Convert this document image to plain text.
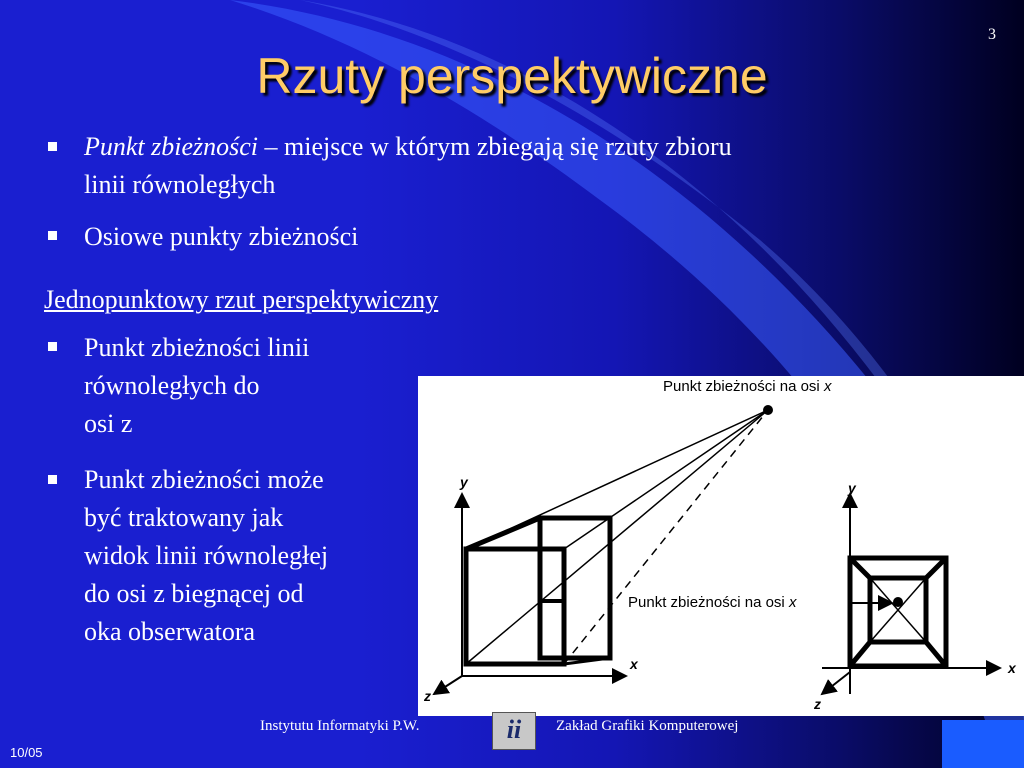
3
Rzuty perspektywiczne
Punkt zbieżności – miejsce w którym zbiegają się rzuty zbioru
linii równoległych
Osiowe punkty zbieżności
Jednopunktowy rzut perspektywiczny
Punkt zbieżności linii
równoległych do
osi z
Punkt zbieżności może
być traktowany jak
widok linii równoległej
do osi z biegnącej od
oka obserwatora
Punkt zbieżności na osi x
Punkt zbieżności na osi x
y
x
z
y
x
z
Instytutu Informatyki P.W.	ii	Zakład Grafiki Komputerowej
10/05
